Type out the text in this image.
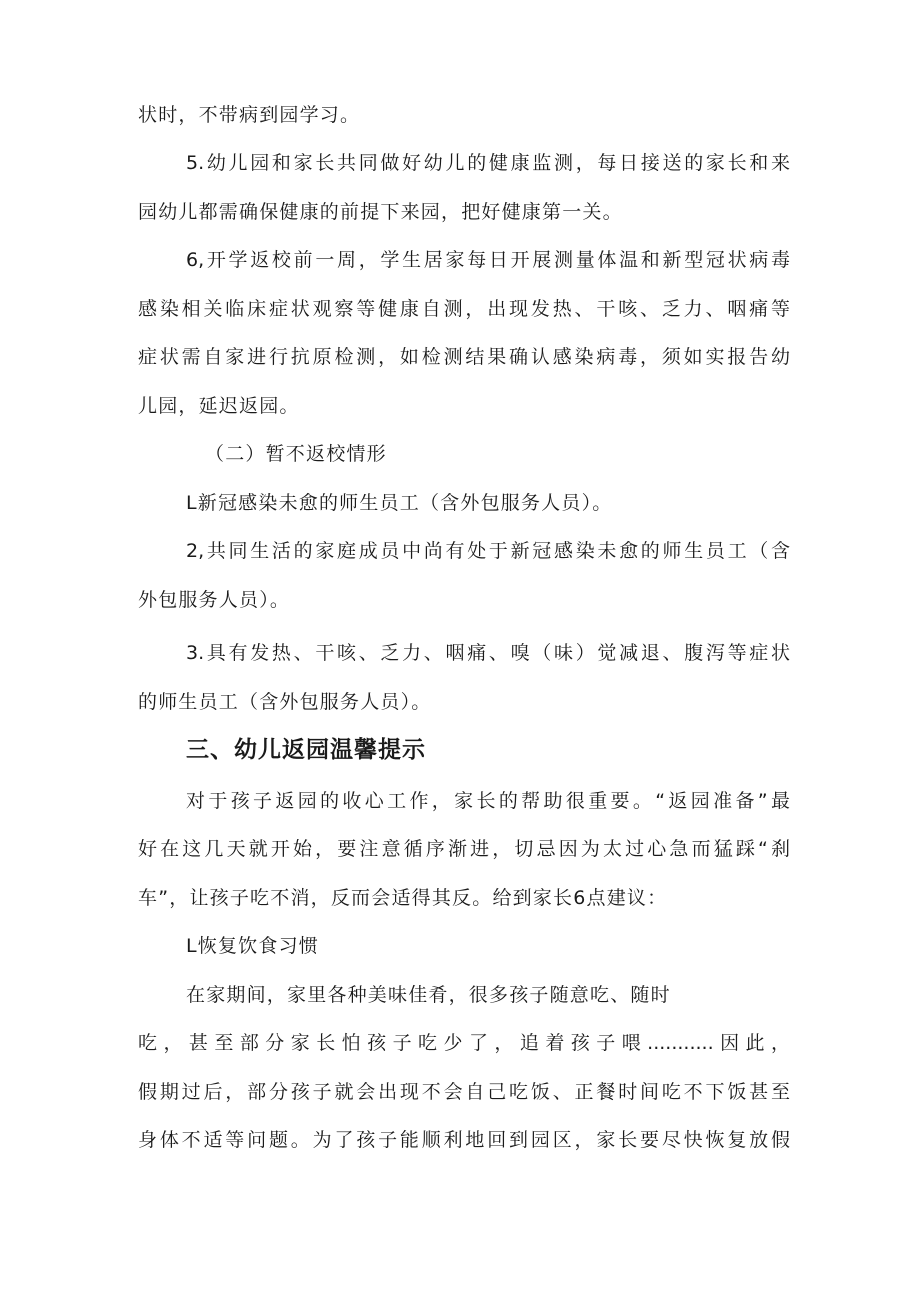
状时，不带病到园学习。
5.幼儿园和家长共同做好幼儿的健康监测，每日接送的家长和来
园幼儿都需确保健康的前提下来园，把好健康第一关。
6,开学返校前一周，学生居家每日开展测量体温和新型冠状病毒
感染相关临床症状观察等健康自测，出现发热、干咳、乏力、咽痛等
症状需自家进行抗原检测，如检测结果确认感染病毒，须如实报告幼
儿园，延迟返园。
（二）暂不返校情形
L新冠感染未愈的师生员工（含外包服务人员）。
2,共同生活的家庭成员中尚有处于新冠感染未愈的师生员工（含
外包服务人员）。
3.具有发热、干咳、乏力、咽痛、嗅（味）觉减退、腹泻等症状
的师生员工（含外包服务人员）。
三、幼儿返园温馨提示
对于孩子返园的收心工作，家长的帮助很重要。“返园准备”最
好在这几天就开始，要注意循序渐进，切忌因为太过心急而猛踩“刹
车”，让孩子吃不消，反而会适得其反。给到家长6点建议：
L恢复饮食习惯
在家期间，家里各种美味佳肴，很多孩子随意吃、随时
吃，甚至部分家长怕孩子吃少了，追着孩子喂...........因此，
假期过后，部分孩子就会出现不会自己吃饭、正餐时间吃不下饭甚至
身体不适等问题。为了孩子能顺利地回到园区，家长要尽快恢复放假
